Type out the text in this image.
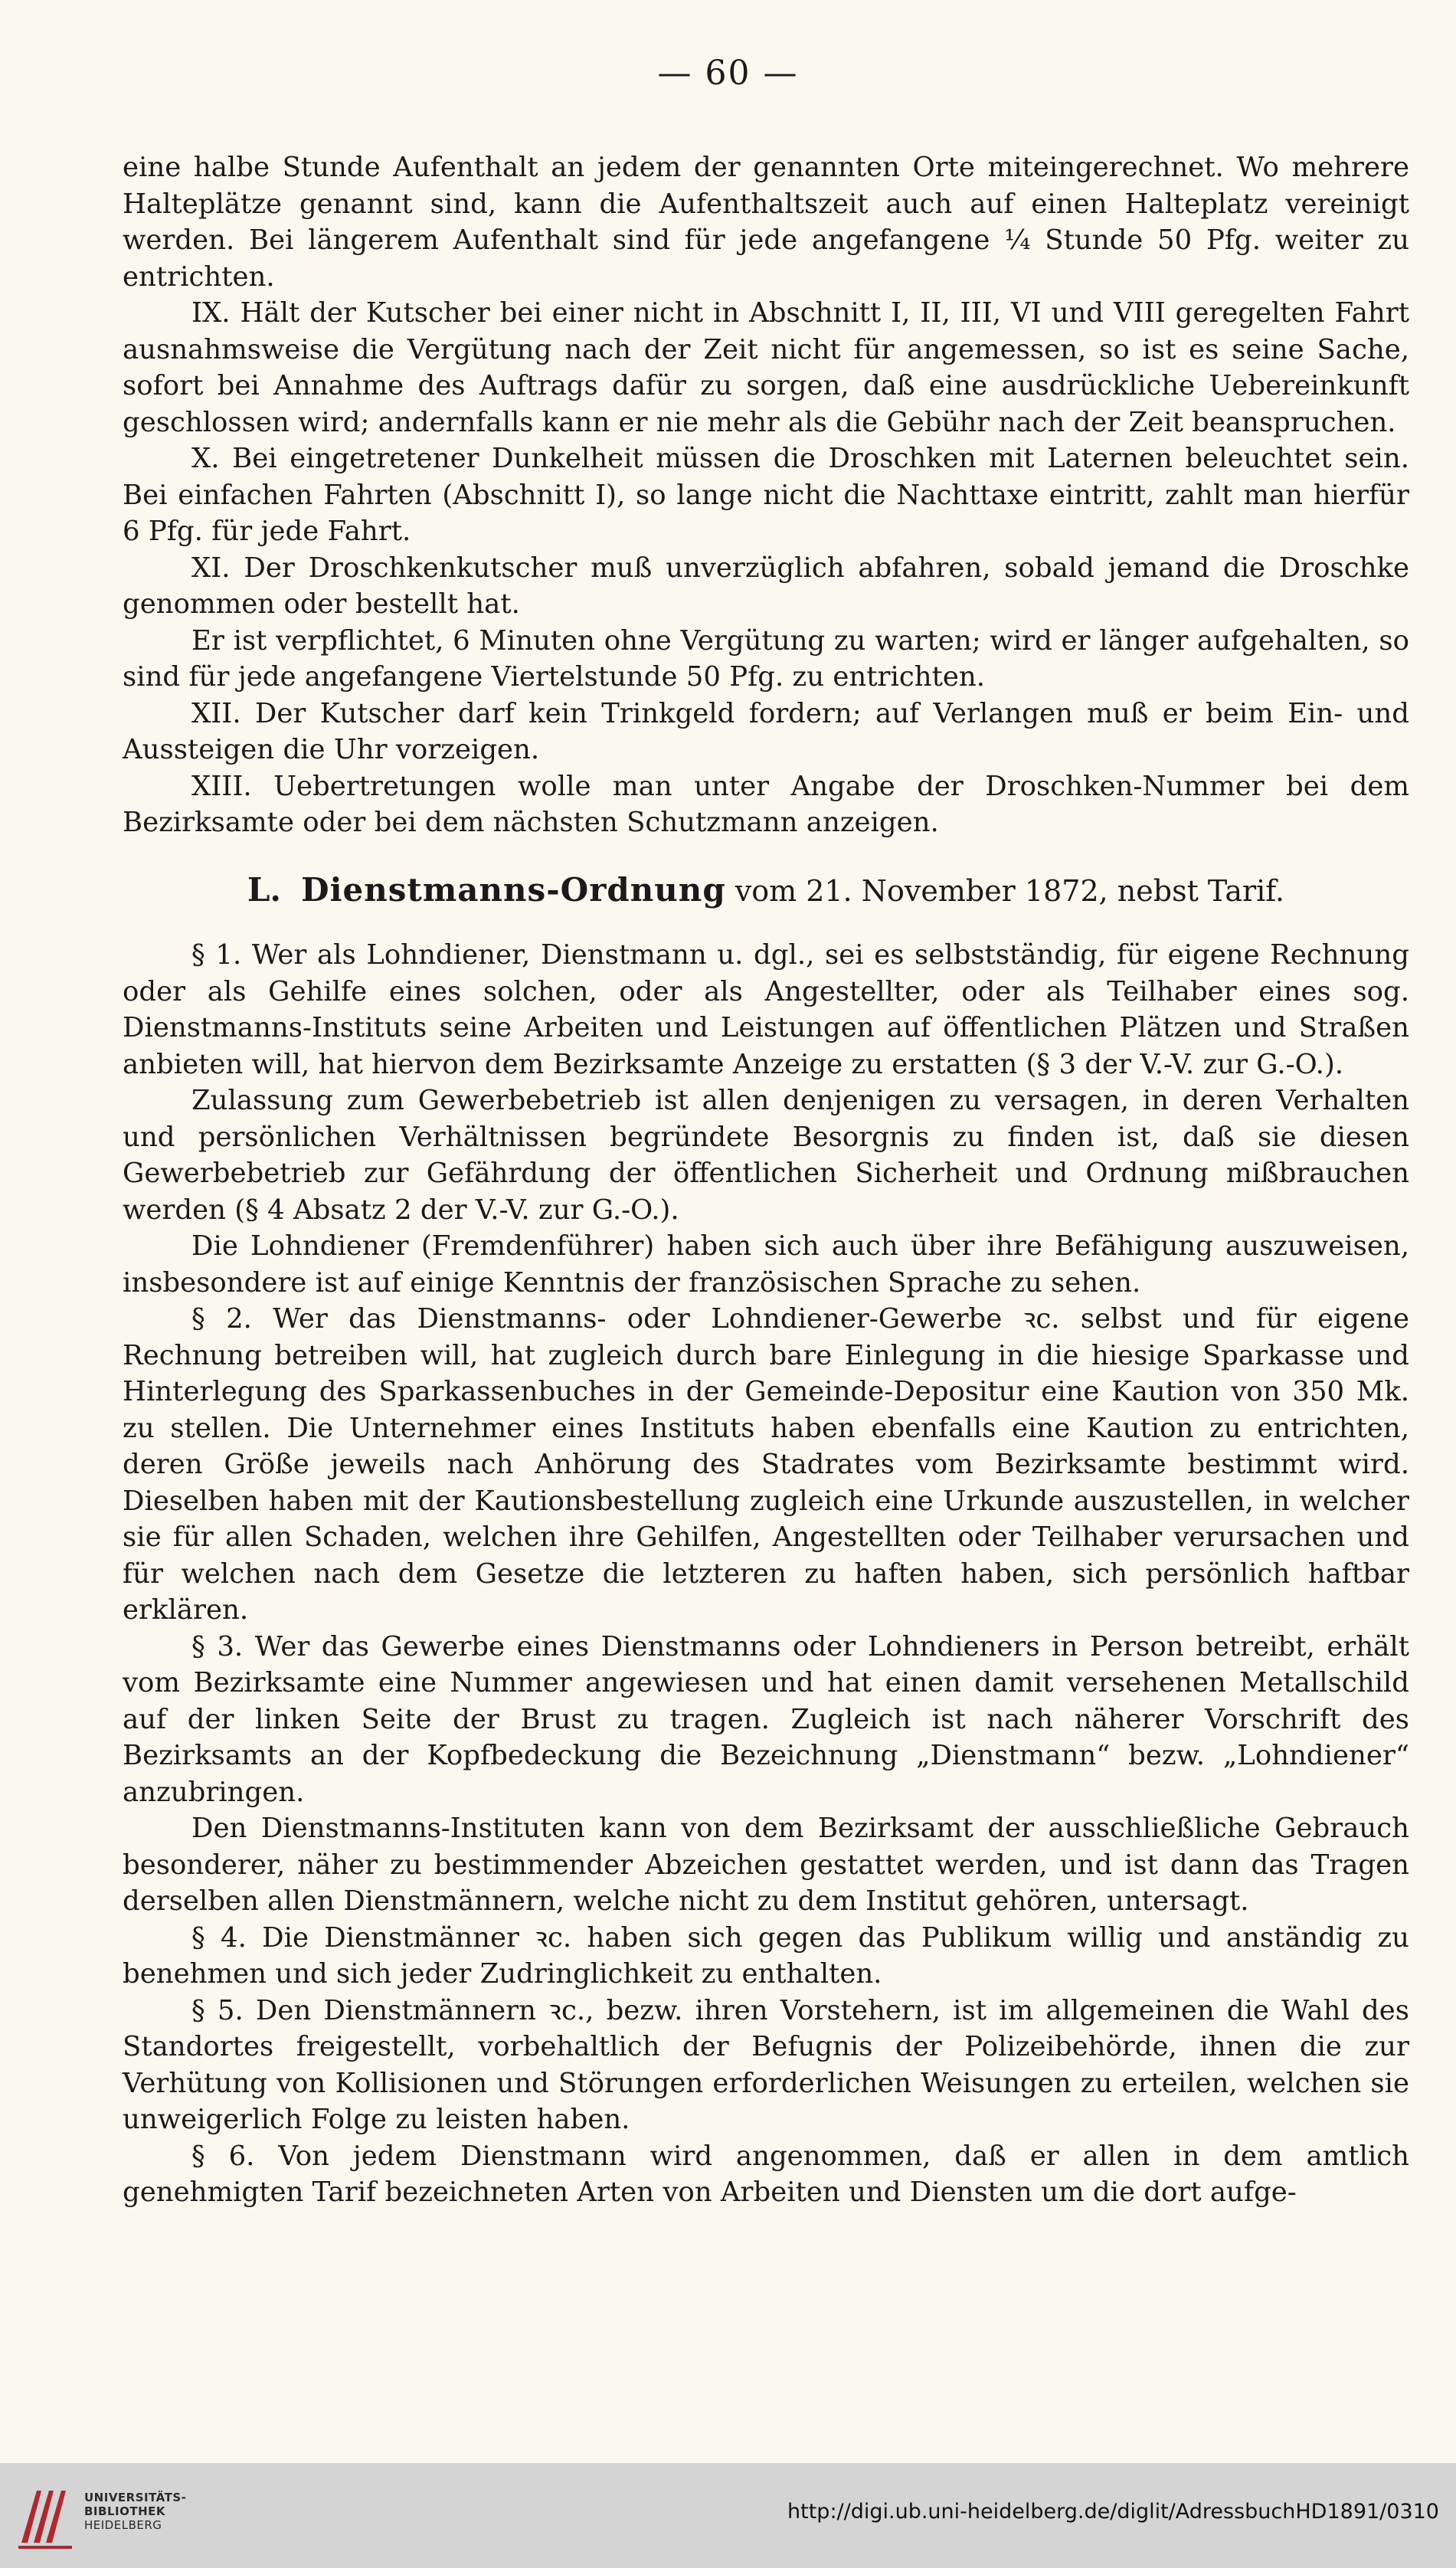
— 60 —

eine halbe Stunde Aufenthalt an jedem der genannten Orte miteingerechnet. Wo mehrere Halteplätze genannt sind, kann die Aufenthaltszeit auch auf einen Halteplatz vereinigt werden. Bei längerem Aufenthalt sind für jede angefangene ¼ Stunde 50 Pfg. weiter zu entrichten.

IX. Hält der Kutscher bei einer nicht in Abschnitt I, II, III, VI und VIII geregelten Fahrt ausnahmsweise die Vergütung nach der Zeit nicht für angemessen, so ist es seine Sache, sofort bei Annahme des Auftrags dafür zu sorgen, daß eine ausdrückliche Uebereinkunft geschlossen wird; andernfalls kann er nie mehr als die Gebühr nach der Zeit beanspruchen.

X. Bei eingetretener Dunkelheit müssen die Droschken mit Laternen beleuchtet sein. Bei einfachen Fahrten (Abschnitt I), so lange nicht die Nachttaxe eintritt, zahlt man hierfür 6 Pfg. für jede Fahrt.

XI. Der Droschkenkutscher muß unverzüglich abfahren, sobald jemand die Droschke genommen oder bestellt hat.

Er ist verpflichtet, 6 Minuten ohne Vergütung zu warten; wird er länger aufgehalten, so sind für jede angefangene Viertelstunde 50 Pfg. zu entrichten.

XII. Der Kutscher darf kein Trinkgeld fordern; auf Verlangen muß er beim Ein- und Aussteigen die Uhr vorzeigen.

XIII. Uebertretungen wolle man unter Angabe der Droschken-Nummer bei dem Bezirksamte oder bei dem nächsten Schutzmann anzeigen.

L. Dienstmanns-Ordnung vom 21. November 1872, nebst Tarif.

§ 1. Wer als Lohndiener, Dienstmann u. dgl., sei es selbstständig, für eigene Rechnung oder als Gehilfe eines solchen, oder als Angestellter, oder als Teilhaber eines sog. Dienstmanns-Instituts seine Arbeiten und Leistungen auf öffentlichen Plätzen und Straßen anbieten will, hat hiervon dem Bezirksamte Anzeige zu erstatten (§ 3 der V.-V. zur G.-O.).

Zulassung zum Gewerbebetrieb ist allen denjenigen zu versagen, in deren Verhalten und persönlichen Verhältnissen begründete Besorgnis zu finden ist, daß sie diesen Gewerbebetrieb zur Gefährdung der öffentlichen Sicherheit und Ordnung mißbrauchen werden (§ 4 Absatz 2 der V.-V. zur G.-O.).

Die Lohndiener (Fremdenführer) haben sich auch über ihre Befähigung auszuweisen, insbesondere ist auf einige Kenntnis der französischen Sprache zu sehen.

§ 2. Wer das Dienstmanns- oder Lohndiener-Gewerbe ꝛc. selbst und für eigene Rechnung betreiben will, hat zugleich durch bare Einlegung in die hiesige Sparkasse und Hinterlegung des Sparkassenbuches in der Gemeinde-Depositur eine Kaution von 350 Mk. zu stellen. Die Unternehmer eines Instituts haben ebenfalls eine Kaution zu entrichten, deren Größe jeweils nach Anhörung des Stadrates vom Bezirksamte bestimmt wird. Dieselben haben mit der Kautionsbestellung zugleich eine Urkunde auszustellen, in welcher sie für allen Schaden, welchen ihre Gehilfen, Angestellten oder Teilhaber verursachen und für welchen nach dem Gesetze die letzteren zu haften haben, sich persönlich haftbar erklären.

§ 3. Wer das Gewerbe eines Dienstmanns oder Lohndieners in Person betreibt, erhält vom Bezirksamte eine Nummer angewiesen und hat einen damit versehenen Metallschild auf der linken Seite der Brust zu tragen. Zugleich ist nach näherer Vorschrift des Bezirksamts an der Kopfbedeckung die Bezeichnung „Dienstmann“ bezw. „Lohndiener“ anzubringen.

Den Dienstmanns-Instituten kann von dem Bezirksamt der ausschließliche Gebrauch besonderer, näher zu bestimmender Abzeichen gestattet werden, und ist dann das Tragen derselben allen Dienstmännern, welche nicht zu dem Institut gehören, untersagt.

§ 4. Die Dienstmänner ꝛc. haben sich gegen das Publikum willig und anständig zu benehmen und sich jeder Zudringlichkeit zu enthalten.

§ 5. Den Dienstmännern ꝛc., bezw. ihren Vorstehern, ist im allgemeinen die Wahl des Standortes freigestellt, vorbehaltlich der Befugnis der Polizeibehörde, ihnen die zur Verhütung von Kollisionen und Störungen erforderlichen Weisungen zu erteilen, welchen sie unweigerlich Folge zu leisten haben.

§ 6. Von jedem Dienstmann wird angenommen, daß er allen in dem amtlich genehmigten Tarif bezeichneten Arten von Arbeiten und Diensten um die dort aufge-

UNIVERSITÄTS-
BIBLIOTHEK
HEIDELBERG
http://digi.ub.uni-heidelberg.de/diglit/AdressbuchHD1891/0310
